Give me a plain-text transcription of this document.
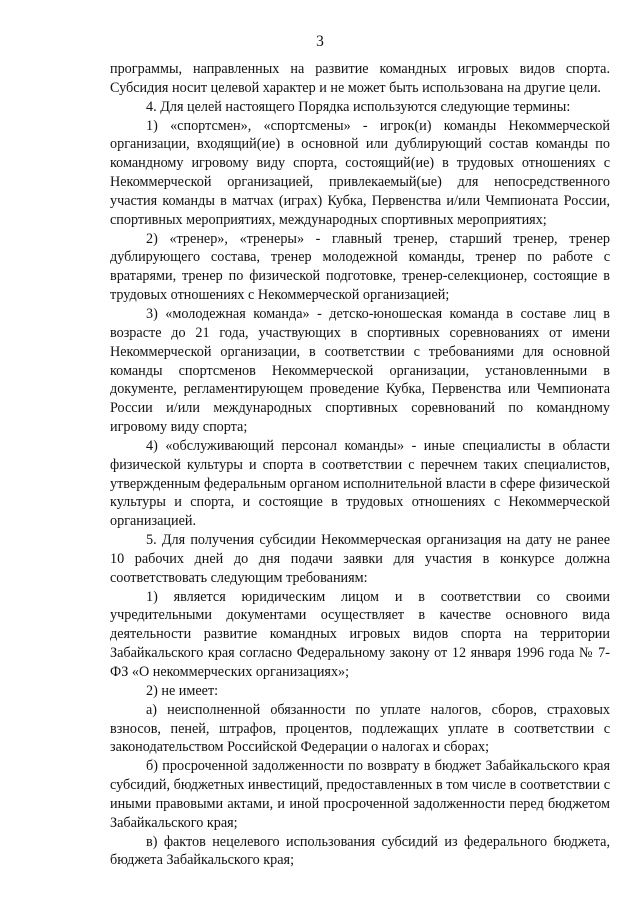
3

программы, направленных на развитие командных игровых видов спорта. Субсидия носит целевой характер и не может быть использована на другие цели.

4. Для целей настоящего Порядка используются следующие термины:

1) «спортсмен», «спортсмены» - игрок(и) команды Некоммерческой организации, входящий(ие) в основной или дублирующий состав команды по командному игровому виду спорта, состоящий(ие) в трудовых отношениях с Некоммерческой организацией, привлекаемый(ые) для непосредственного участия команды в матчах (играх) Кубка, Первенства и/или Чемпионата России, спортивных мероприятиях, международных спортивных мероприятиях;

2) «тренер», «тренеры» - главный тренер, старший тренер, тренер дублирующего состава, тренер молодежной команды, тренер по работе с вратарями, тренер по физической подготовке, тренер-селекционер, состоящие в трудовых отношениях с Некоммерческой организацией;

3) «молодежная команда» - детско-юношеская команда в составе лиц в возрасте до 21 года, участвующих в спортивных соревнованиях от имени Некоммерческой организации, в соответствии с требованиями для основной команды спортсменов Некоммерческой организации, установленными в документе, регламентирующем проведение Кубка, Первенства или Чемпионата России и/или международных спортивных соревнований по командному игровому виду спорта;

4) «обслуживающий персонал команды» - иные специалисты в области физической культуры и спорта в соответствии с перечнем таких специалистов, утвержденным федеральным органом исполнительной власти в сфере физической культуры и спорта, и состоящие в трудовых отношениях с Некоммерческой организацией.

5. Для получения субсидии Некоммерческая организация на дату не ранее 10 рабочих дней до дня подачи заявки для участия в конкурсе должна соответствовать следующим требованиям:

1) является юридическим лицом и в соответствии со своими учредительными документами осуществляет в качестве основного вида деятельности развитие командных игровых видов спорта на территории Забайкальского края согласно Федеральному закону от 12 января 1996 года № 7-ФЗ «О некоммерческих организациях»;

2) не имеет:

а) неисполненной обязанности по уплате налогов, сборов, страховых взносов, пеней, штрафов, процентов, подлежащих уплате в соответствии с законодательством Российской Федерации о налогах и сборах;

б) просроченной задолженности по возврату в бюджет Забайкальского края субсидий, бюджетных инвестиций, предоставленных в том числе в соответствии с иными правовыми актами, и иной просроченной задолженности перед бюджетом Забайкальского края;

в) фактов нецелевого использования субсидий из федерального бюджета, бюджета Забайкальского края;
